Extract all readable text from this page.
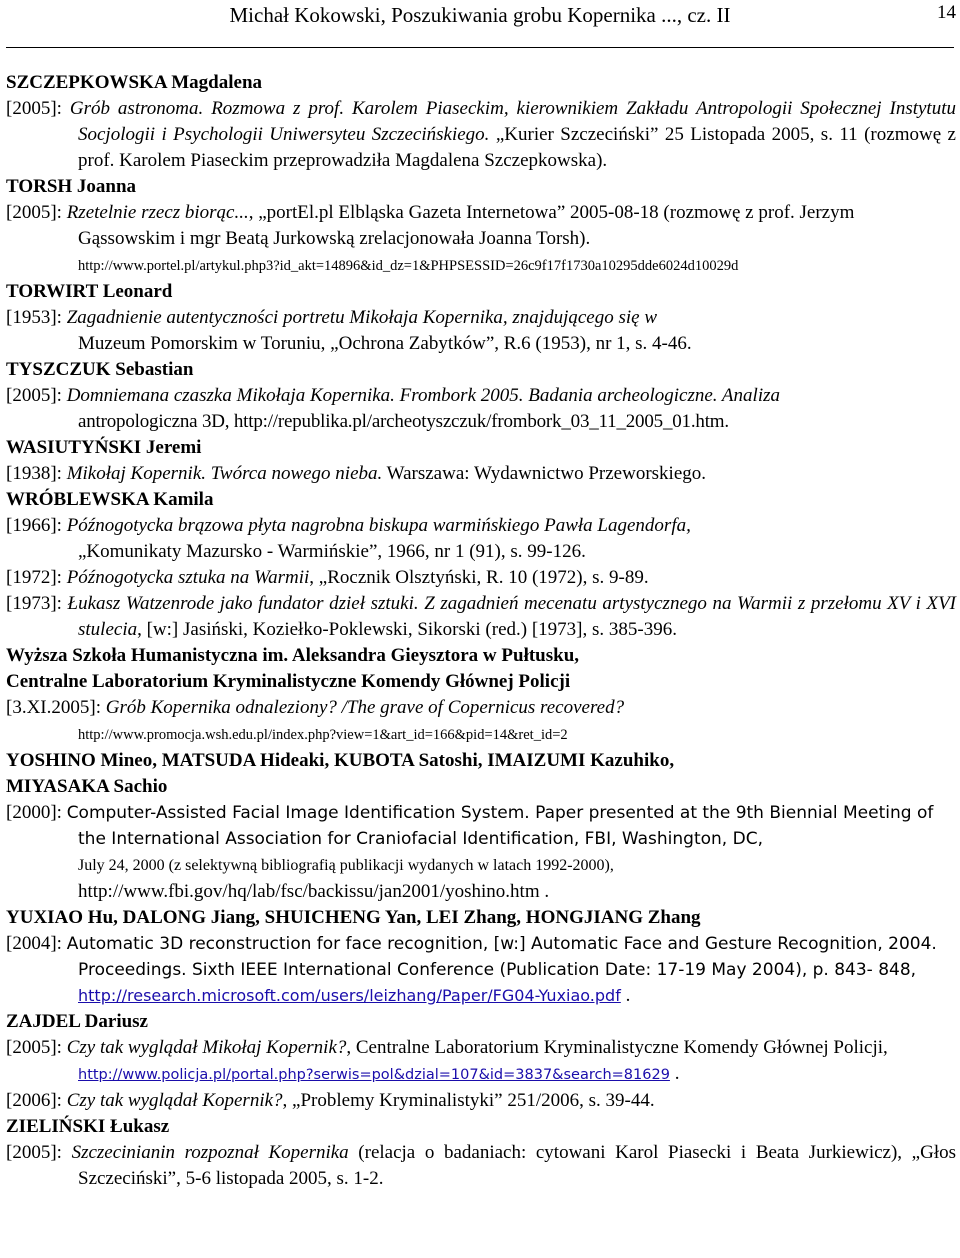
Michał Kokowski, Poszukiwania grobu Kopernika ..., cz. II	14
SZCZEPKOWSKA Magdalena
[2005]: Grób astronoma. Rozmowa z prof. Karolem Piaseckim, kierownikiem Zakładu Antropologii Społecznej Instytutu Socjologii i Psychologii Uniwersyteu Szczecińskiego. „Kurier Szczeciński” 25 Listopada 2005, s. 11 (rozmowę z prof. Karolem Piaseckim przeprowadziła Magdalena Szczepkowska).
TORSH Joanna
[2005]: Rzetelnie rzecz biorąc..., „portEl.pl Elbląska Gazeta Internetowa” 2005-08-18 (rozmowę z prof. Jerzym Gąssowskim i mgr Beatą Jurkowską zrelacjonowała Joanna Torsh).
http://www.portel.pl/artykul.php3?id_akt=14896&id_dz=1&PHPSESSID=26c9f17f1730a10295dde6024d10029d
TORWIRT Leonard
[1953]: Zagadnienie autentyczności portretu Mikołaja Kopernika, znajdującego się w
Muzeum Pomorskim w Toruniu, „Ochrona Zabytków”, R.6 (1953), nr 1, s. 4-46.
TYSZCZUK Sebastian
[2005]: Domniemana czaszka Mikołaja Kopernika. Frombork 2005. Badania archeologiczne. Analiza
antropologiczna 3D, http://republika.pl/archeotyszczuk/frombork_03_11_2005_01.htm.
WASIUTYŃSKI Jeremi
[1938]: Mikołaj Kopernik. Twórca nowego nieba. Warszawa: Wydawnictwo Przeworskiego.
WRÓBLEWSKA Kamila
[1966]: Późnogotycka brązowa płyta nagrobna biskupa warmińskiego Pawła Lagendorfa,
„Komunikaty Mazursko - Warmińskie”, 1966, nr 1 (91), s. 99-126.
[1972]: Późnogotycka sztuka na Warmii, „Rocznik Olsztyński, R. 10 (1972), s. 9-89.
[1973]: Łukasz Watzenrode jako fundator dzieł sztuki. Z zagadnień mecenatu artystycznego na Warmii z przełomu XV i XVI stulecia, [w:] Jasiński, Koziełko-Poklewski, Sikorski (red.) [1973], s. 385-396.
Wyższa Szkoła Humanistyczna im. Aleksandra Gieysztora w Pułtusku,
Centralne Laboratorium Kryminalistyczne Komendy Głównej Policji
[3.XI.2005]: Grób Kopernika odnaleziony? /The grave of Copernicus recovered?
http://www.promocja.wsh.edu.pl/index.php?view=1&art_id=166&pid=14&ret_id=2
YOSHINO Mineo, MATSUDA Hideaki, KUBOTA Satoshi, IMAIZUMI Kazuhiko,
MIYASAKA Sachio
[2000]: Computer-Assisted Facial Image Identification System. Paper presented at the 9th Biennial Meeting of the International Association for Craniofacial Identification, FBI, Washington, DC,
July 24, 2000 (z selektywną bibliografią publikacji wydanych w latach 1992-2000),
http://www.fbi.gov/hq/lab/fsc/backissu/jan2001/yoshino.htm .
YUXIAO Hu, DALONG Jiang, SHUICHENG Yan, LEI Zhang, HONGJIANG Zhang
[2004]: Automatic 3D reconstruction for face recognition, [w:] Automatic Face and Gesture Recognition, 2004. Proceedings. Sixth IEEE International Conference (Publication Date: 17-19 May 2004), p. 843- 848, http://research.microsoft.com/users/leizhang/Paper/FG04-Yuxiao.pdf .
ZAJDEL Dariusz
[2005]: Czy tak wyglądał Mikołaj Kopernik?, Centralne Laboratorium Kryminalistyczne Komendy Głównej Policji, http://www.policja.pl/portal.php?serwis=pol&dzial=107&id=3837&search=81629 .
[2006]: Czy tak wyglądał Kopernik?, „Problemy Kryminalistyki” 251/2006, s. 39-44.
ZIELIŃSKI Łukasz
[2005]: Szczecinianin rozpoznał Kopernika (relacja o badaniach: cytowani Karol Piasecki i Beata Jurkiewicz), „Głos Szczeciński”, 5-6 listopada 2005, s. 1-2.
